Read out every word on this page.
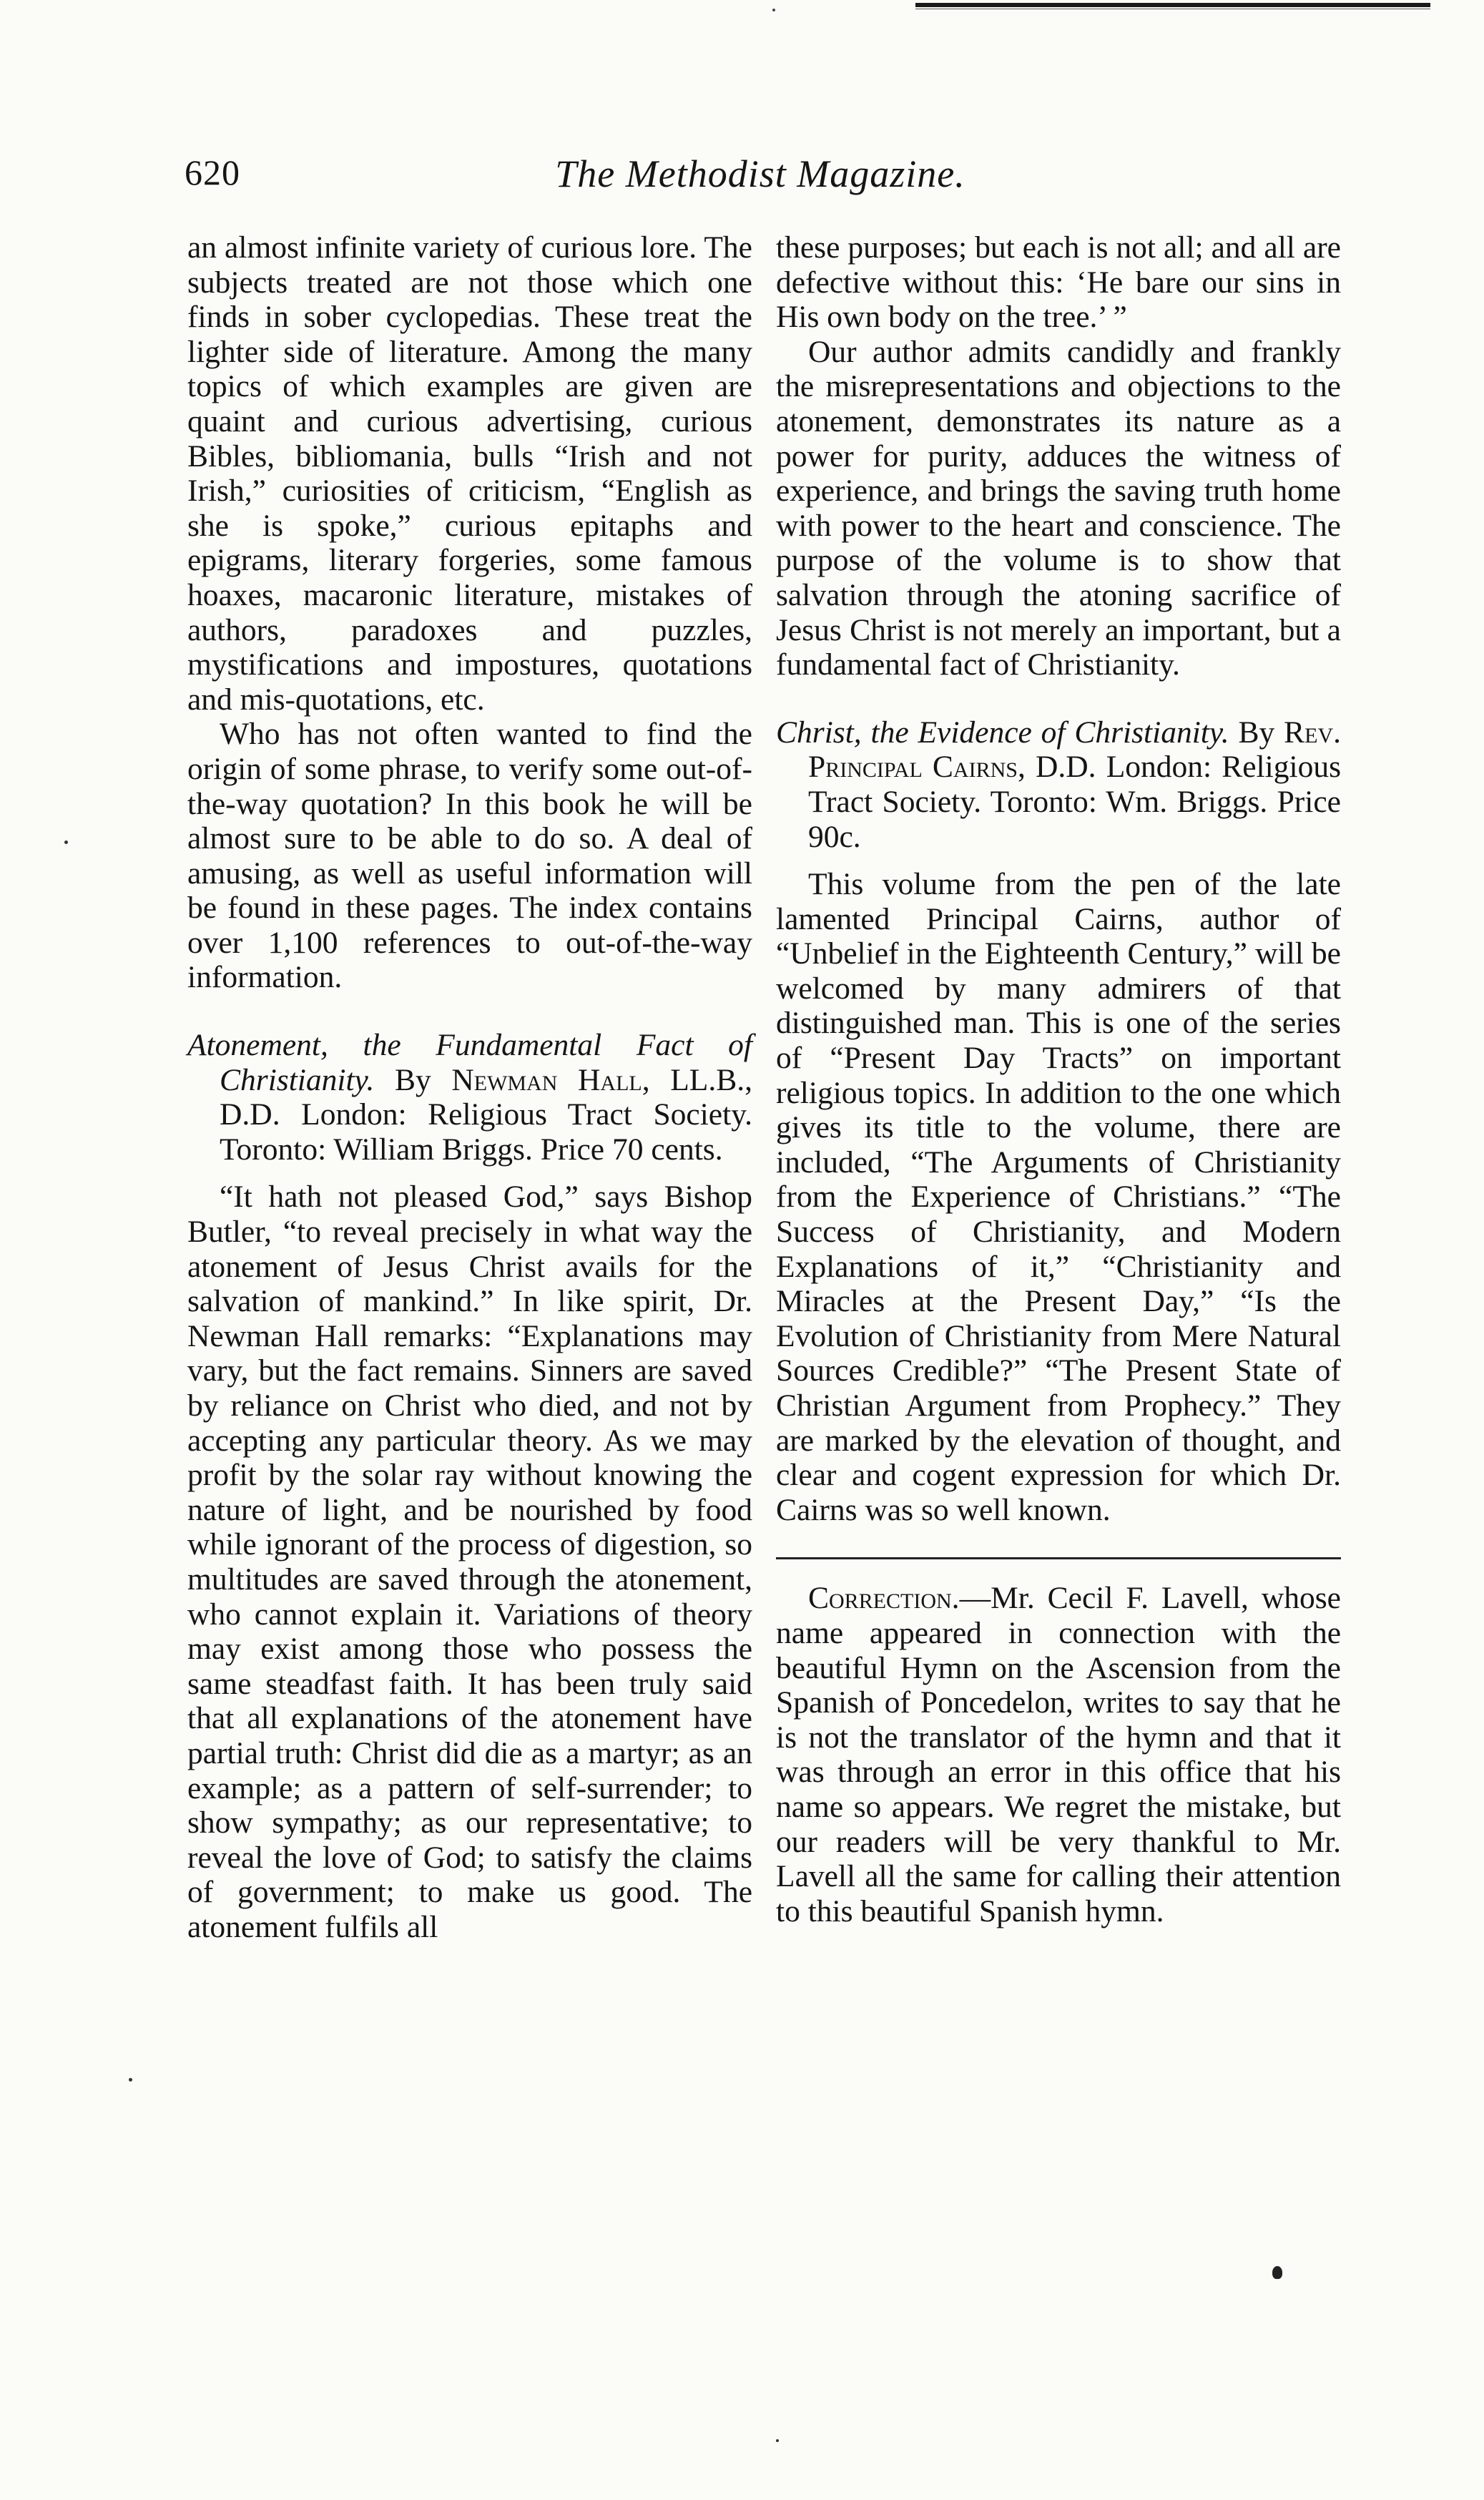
620	The Methodist Magazine.

an almost infinite variety of curious lore. The subjects treated are not those which one finds in sober cyclopedias. These treat the lighter side of literature. Among the many topics of which examples are given are quaint and curious advertising, curious Bibles, bibliomania, bulls “Irish and not Irish,” curiosities of criticism, “English as she is spoke,” curious epitaphs and epigrams, literary forgeries, some famous hoaxes, macaronic literature, mistakes of authors, paradoxes and puzzles, mystifications and impostures, quotations and mis-quotations, etc.

Who has not often wanted to find the origin of some phrase, to verify some out-of-the-way quotation? In this book he will be almost sure to be able to do so. A deal of amusing, as well as useful information will be found in these pages. The index contains over 1,100 references to out-of-the-way information.

Atonement, the Fundamental Fact of Christianity. By Newman Hall, LL.B., D.D. London: Religious Tract Society. Toronto: William Briggs. Price 70 cents.

“It hath not pleased God,” says Bishop Butler, “to reveal precisely in what way the atonement of Jesus Christ avails for the salvation of mankind.” In like spirit, Dr. Newman Hall remarks: “Explanations may vary, but the fact remains. Sinners are saved by reliance on Christ who died, and not by accepting any particular theory. As we may profit by the solar ray without knowing the nature of light, and be nourished by food while ignorant of the process of digestion, so multitudes are saved through the atonement, who cannot explain it. Variations of theory may exist among those who possess the same steadfast faith. It has been truly said that all explanations of the atonement have partial truth: Christ did die as a martyr; as an example; as a pattern of self-surrender; to show sympathy; as our representative; to reveal the love of God; to satisfy the claims of government; to make us good. The atonement fulfils all

these purposes; but each is not all; and all are defective without this: ‘He bare our sins in His own body on the tree.’ ”

Our author admits candidly and frankly the misrepresentations and objections to the atonement, demonstrates its nature as a power for purity, adduces the witness of experience, and brings the saving truth home with power to the heart and conscience. The purpose of the volume is to show that salvation through the atoning sacrifice of Jesus Christ is not merely an important, but a fundamental fact of Christianity.

Christ, the Evidence of Christianity. By Rev. Principal Cairns, D.D. London: Religious Tract Society. Toronto: Wm. Briggs. Price 90c.

This volume from the pen of the late lamented Principal Cairns, author of “Unbelief in the Eighteenth Century,” will be welcomed by many admirers of that distinguished man. This is one of the series of “Present Day Tracts” on important religious topics. In addition to the one which gives its title to the volume, there are included, “The Arguments of Christianity from the Experience of Christians.” “The Success of Christianity, and Modern Explanations of it,” “Christianity and Miracles at the Present Day,” “Is the Evolution of Christianity from Mere Natural Sources Credible?” “The Present State of Christian Argument from Prophecy.” They are marked by the elevation of thought, and clear and cogent expression for which Dr. Cairns was so well known.

Correction.—Mr. Cecil F. Lavell, whose name appeared in connection with the beautiful Hymn on the Ascension from the Spanish of Poncedelon, writes to say that he is not the translator of the hymn and that it was through an error in this office that his name so appears. We regret the mistake, but our readers will be very thankful to Mr. Lavell all the same for calling their attention to this beautiful Spanish hymn.
